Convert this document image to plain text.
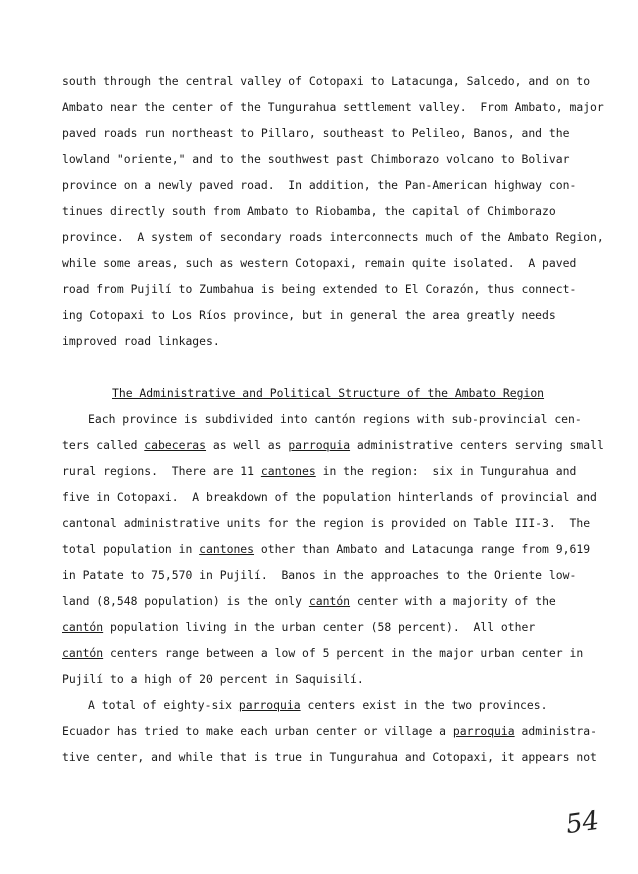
south through the central valley of Cotopaxi to Latacunga, Salcedo, and on to
Ambato near the center of the Tungurahua settlement valley.  From Ambato, major
paved roads run northeast to Pillaro, southeast to Pelileo, Banos, and the
lowland "oriente," and to the southwest past Chimborazo volcano to Bolivar
province on a newly paved road.  In addition, the Pan-American highway con-
tinues directly south from Ambato to Riobamba, the capital of Chimborazo
province.  A system of secondary roads interconnects much of the Ambato Region,
while some areas, such as western Cotopaxi, remain quite isolated.  A paved
road from Pujilí to Zumbahua is being extended to El Corazón, thus connect-
ing Cotopaxi to Los Ríos province, but in general the area greatly needs
improved road linkages.
The Administrative and Political Structure of the Ambato Region
Each province is subdivided into cantón regions with sub-provincial cen-
ters called cabeceras as well as parroquia administrative centers serving small
rural regions.  There are 11 cantones in the region:  six in Tungurahua and
five in Cotopaxi.  A breakdown of the population hinterlands of provincial and
cantonal administrative units for the region is provided on Table III-3.  The
total population in cantones other than Ambato and Latacunga range from 9,619
in Patate to 75,570 in Pujilí.  Banos in the approaches to the Oriente low-
land (8,548 population) is the only cantón center with a majority of the
cantón population living in the urban center (58 percent).  All other
cantón centers range between a low of 5 percent in the major urban center in
Pujilí to a high of 20 percent in Saquisilí.
A total of eighty-six parroquia centers exist in the two provinces.
Ecuador has tried to make each urban center or village a parroquia administra-
tive center, and while that is true in Tungurahua and Cotopaxi, it appears not
54
